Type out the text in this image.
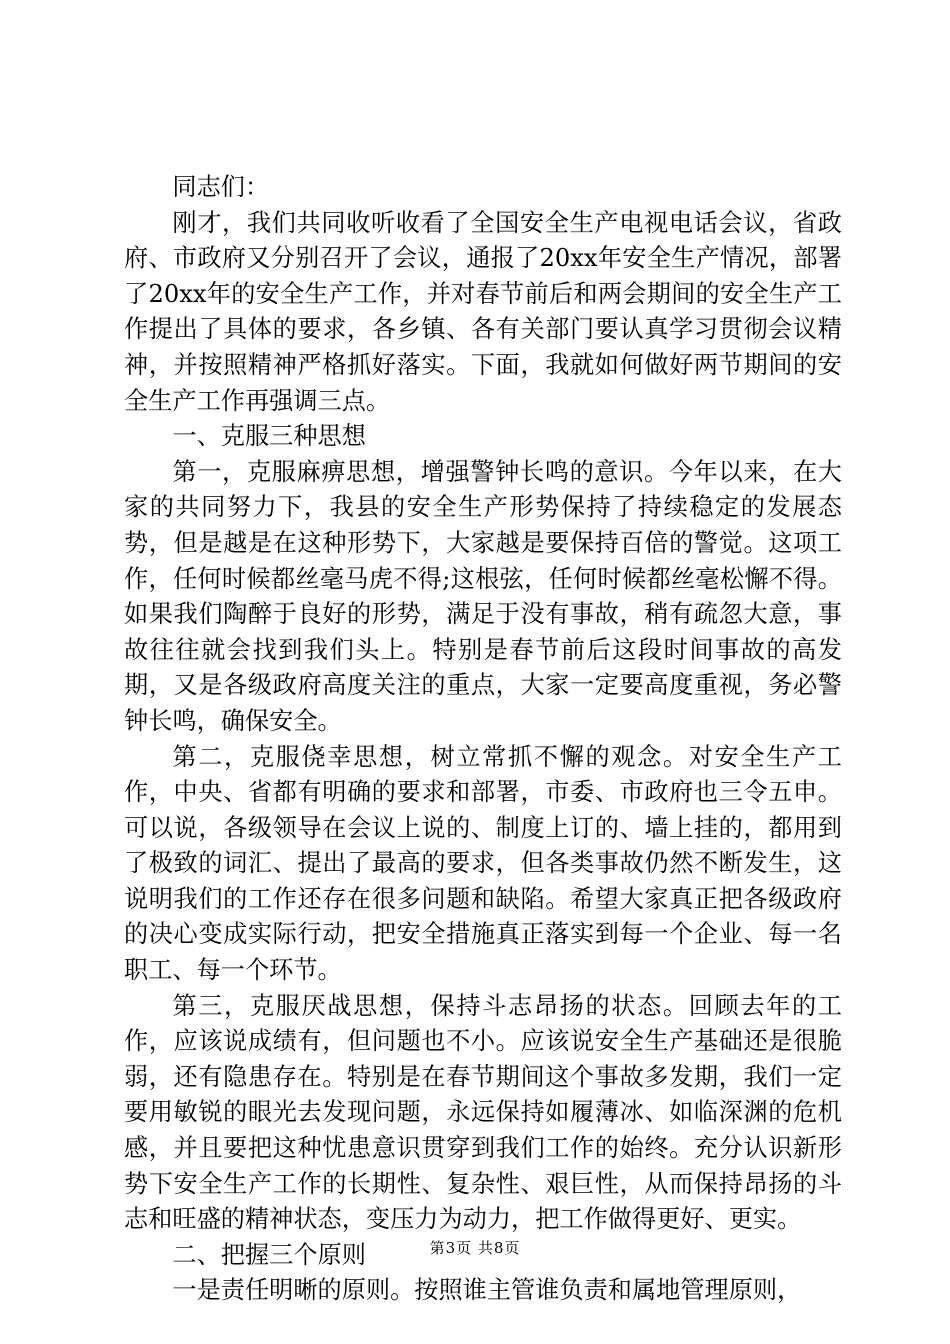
同志们：

刚才，我们共同收听收看了全国安全生产电视电话会议，省政府、市政府又分别召开了会议，通报了20xx年安全生产情况，部署了20xx年的安全生产工作，并对春节前后和两会期间的安全生产工作提出了具体的要求，各乡镇、各有关部门要认真学习贯彻会议精神，并按照精神严格抓好落实。下面，我就如何做好两节期间的安全生产工作再强调三点。

一、克服三种思想

第一，克服麻痹思想，增强警钟长鸣的意识。今年以来，在大家的共同努力下，我县的安全生产形势保持了持续稳定的发展态势，但是越是在这种形势下，大家越是要保持百倍的警觉。这项工作，任何时候都丝毫马虎不得;这根弦，任何时候都丝毫松懈不得。如果我们陶醉于良好的形势，满足于没有事故，稍有疏忽大意，事故往往就会找到我们头上。特别是春节前后这段时间事故的高发期，又是各级政府高度关注的重点，大家一定要高度重视，务必警钟长鸣，确保安全。

第二，克服侥幸思想，树立常抓不懈的观念。对安全生产工作，中央、省都有明确的要求和部署，市委、市政府也三令五申。可以说，各级领导在会议上说的、制度上订的、墙上挂的，都用到了极致的词汇、提出了最高的要求，但各类事故仍然不断发生，这说明我们的工作还存在很多问题和缺陷。希望大家真正把各级政府的决心变成实际行动，把安全措施真正落实到每一个企业、每一名职工、每一个环节。

第三，克服厌战思想，保持斗志昂扬的状态。回顾去年的工作，应该说成绩有，但问题也不小。应该说安全生产基础还是很脆弱，还有隐患存在。特别是在春节期间这个事故多发期，我们一定要用敏锐的眼光去发现问题，永远保持如履薄冰、如临深渊的危机感，并且要把这种忧患意识贯穿到我们工作的始终。充分认识新形势下安全生产工作的长期性、复杂性、艰巨性，从而保持昂扬的斗志和旺盛的精神状态，变压力为动力，把工作做得更好、更实。

二、把握三个原则

一是责任明晰的原则。按照谁主管谁负责和属地管理原则，

第3页 共8页
